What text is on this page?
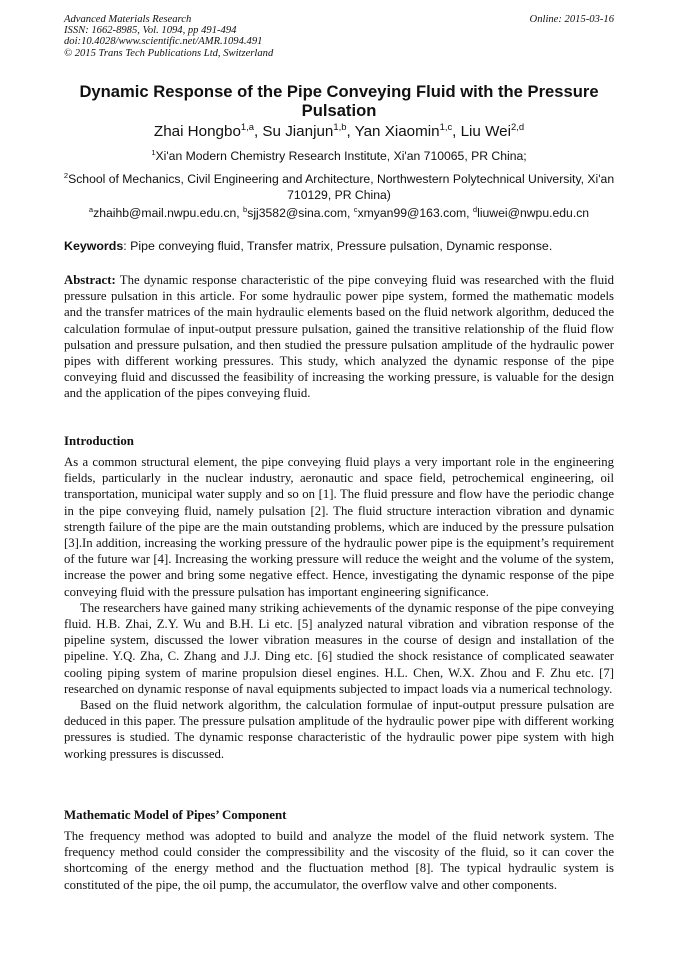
Advanced Materials Research
ISSN: 1662-8985, Vol. 1094, pp 491-494
doi:10.4028/www.scientific.net/AMR.1094.491
© 2015 Trans Tech Publications Ltd, Switzerland
Online: 2015-03-16
Dynamic Response of the Pipe Conveying Fluid with the Pressure Pulsation
Zhai Hongbo$^{1,a}$, Su Jianjun$^{1,b}$, Yan Xiaomin$^{1,c}$, Liu Wei$^{2,d}$
$^1$Xi'an Modern Chemistry Research Institute, Xi'an 710065, PR China;
$^2$School of Mechanics, Civil Engineering and Architecture, Northwestern Polytechnical University, Xi'an 710129, PR China)
$^a$zhaihb@mail.nwpu.edu.cn, $^b$sjj3582@sina.com, $^c$xmyan99@163.com, $^d$liuwei@nwpu.edu.cn
Keywords: Pipe conveying fluid, Transfer matrix, Pressure pulsation, Dynamic response.

Abstract: The dynamic response characteristic of the pipe conveying fluid was researched with the fluid pressure pulsation in this article. For some hydraulic power pipe system, formed the mathematic models and the transfer matrices of the main hydraulic elements based on the fluid network algorithm, deduced the calculation formulae of input-output pressure pulsation, gained the transitive relationship of the fluid flow pulsation and pressure pulsation, and then studied the pressure pulsation amplitude of the hydraulic power pipes with different working pressures. This study, which analyzed the dynamic response of the pipe conveying fluid and discussed the feasibility of increasing the working pressure, is valuable for the design and the application of the pipes conveying fluid.

Introduction

As a common structural element, the pipe conveying fluid plays a very important role in the engineering fields, particularly in the nuclear industry, aeronautic and space field, petrochemical engineering, oil transportation, municipal water supply and so on [1]. The fluid pressure and flow have the periodic change in the pipe conveying fluid, namely pulsation [2]. The fluid structure interaction vibration and dynamic strength failure of the pipe are the main outstanding problems, which are induced by the pressure pulsation [3].In addition, increasing the working pressure of the hydraulic power pipe is the equipment’s requirement of the future war [4]. Increasing the working pressure will reduce the weight and the volume of the system, increase the power and bring some negative effect. Hence, investigating the dynamic response of the pipe conveying fluid with the pressure pulsation has important engineering significance.

The researchers have gained many striking achievements of the dynamic response of the pipe conveying fluid. H.B. Zhai, Z.Y. Wu and B.H. Li etc. [5] analyzed natural vibration and vibration response of the pipeline system, discussed the lower vibration measures in the course of design and installation of the pipeline. Y.Q. Zha, C. Zhang and J.J. Ding etc. [6] studied the shock resistance of complicated seawater cooling piping system of marine propulsion diesel engines. H.L. Chen, W.X. Zhou and F. Zhu etc. [7] researched on dynamic response of naval equipments subjected to impact loads via a numerical technology.

Based on the fluid network algorithm, the calculation formulae of input-output pressure pulsation are deduced in this paper. The pressure pulsation amplitude of the hydraulic power pipe with different working pressures is studied. The dynamic response characteristic of the hydraulic power pipe system with high working pressures is discussed.

Mathematic Model of Pipes’ Component

The frequency method was adopted to build and analyze the model of the fluid network system. The frequency method could consider the compressibility and the viscosity of the fluid, so it can cover the shortcoming of the energy method and the fluctuation method [8]. The typical hydraulic system is constituted of the pipe, the oil pump, the accumulator, the overflow valve and other components.
